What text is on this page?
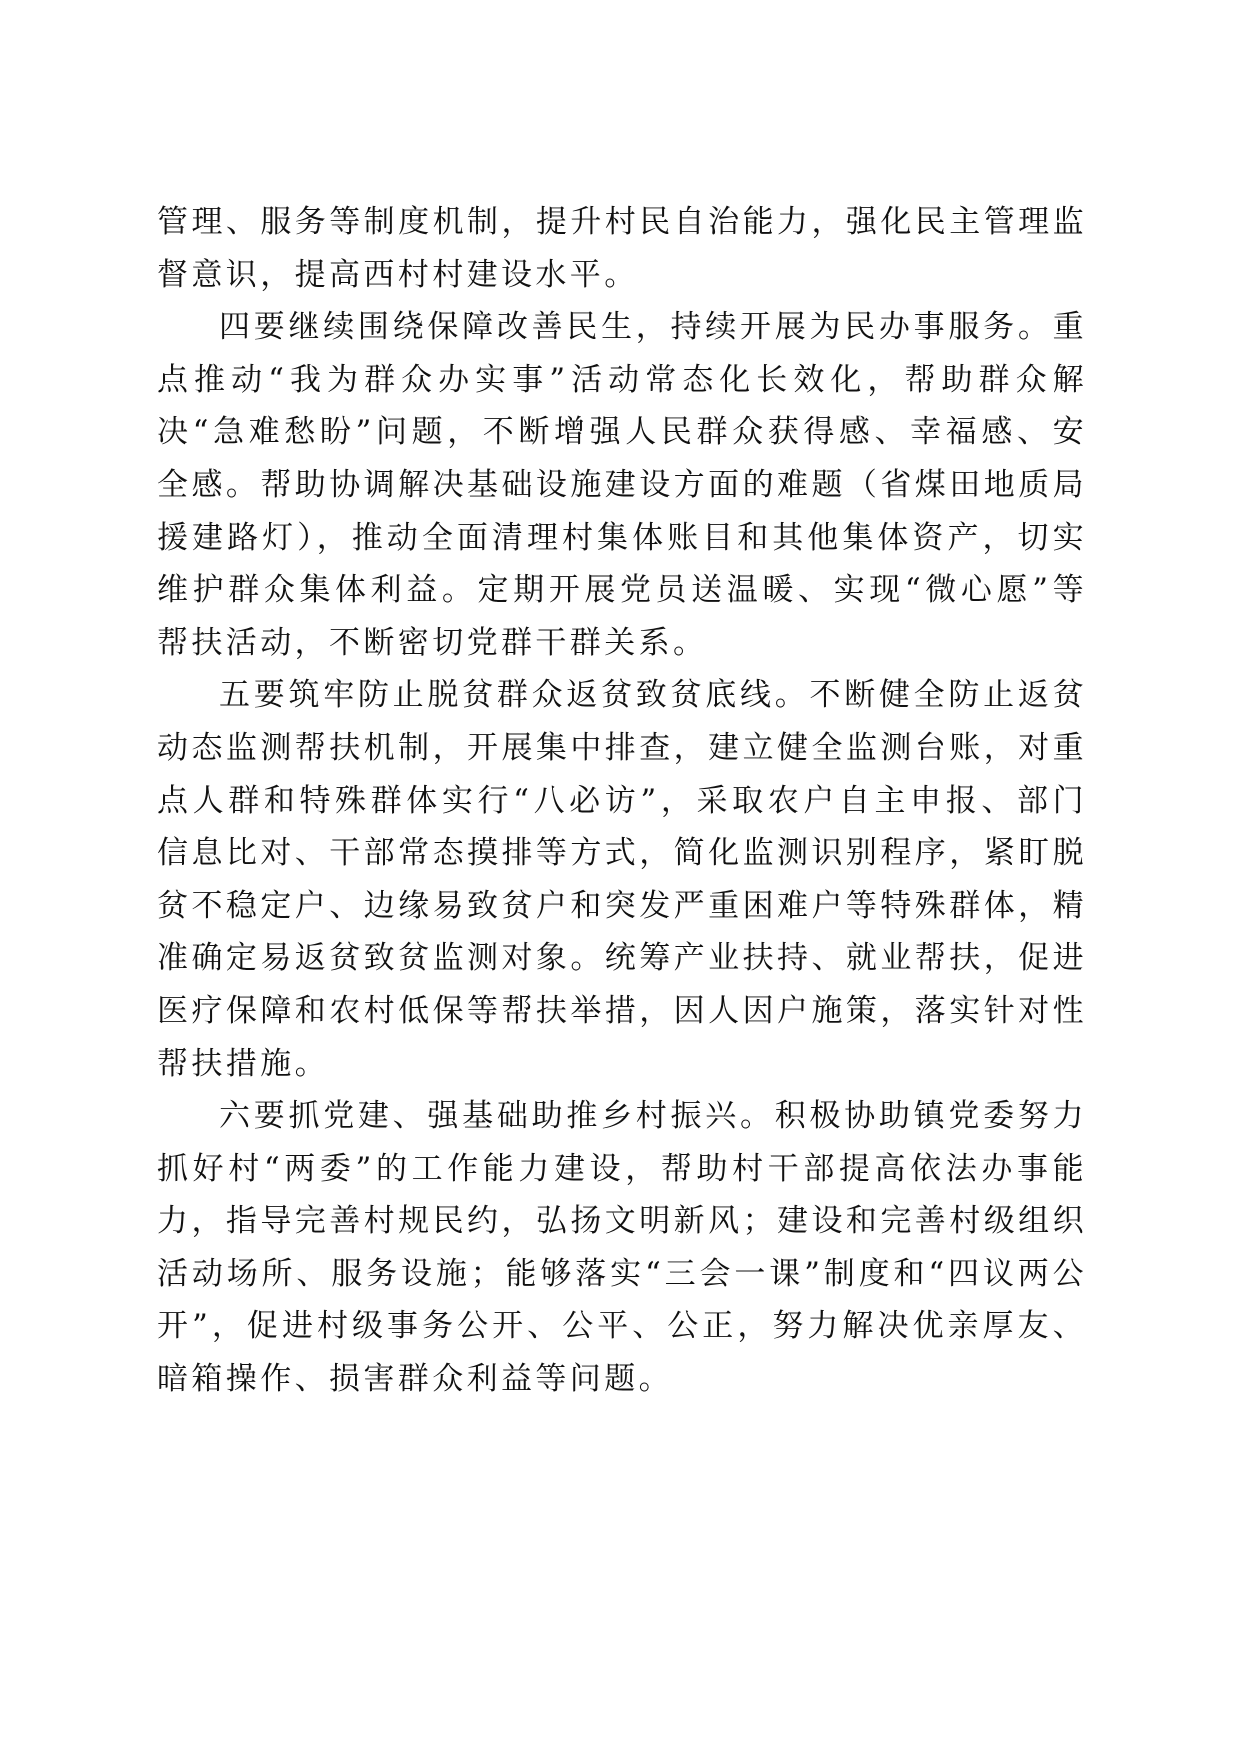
管理、服务等制度机制，提升村民自治能力，强化民主管理监督意识，提高西村村建设水平。

四要继续围绕保障改善民生，持续开展为民办事服务。重点推动“我为群众办实事”活动常态化长效化，帮助群众解决“急难愁盼”问题，不断增强人民群众获得感、幸福感、安全感。帮助协调解决基础设施建设方面的难题（省煤田地质局援建路灯），推动全面清理村集体账目和其他集体资产，切实维护群众集体利益。定期开展党员送温暖、实现“微心愿”等帮扶活动，不断密切党群干群关系。

五要筑牢防止脱贫群众返贫致贫底线。不断健全防止返贫动态监测帮扶机制，开展集中排查，建立健全监测台账，对重点人群和特殊群体实行“八必访”，采取农户自主申报、部门信息比对、干部常态摸排等方式，简化监测识别程序，紧盯脱贫不稳定户、边缘易致贫户和突发严重困难户等特殊群体，精准确定易返贫致贫监测对象。统筹产业扶持、就业帮扶，促进医疗保障和农村低保等帮扶举措，因人因户施策，落实针对性帮扶措施。

六要抓党建、强基础助推乡村振兴。积极协助镇党委努力抓好村“两委”的工作能力建设，帮助村干部提高依法办事能力，指导完善村规民约，弘扬文明新风；建设和完善村级组织活动场所、服务设施；能够落实“三会一课”制度和“四议两公开”，促进村级事务公开、公平、公正，努力解决优亲厚友、暗箱操作、损害群众利益等问题。
